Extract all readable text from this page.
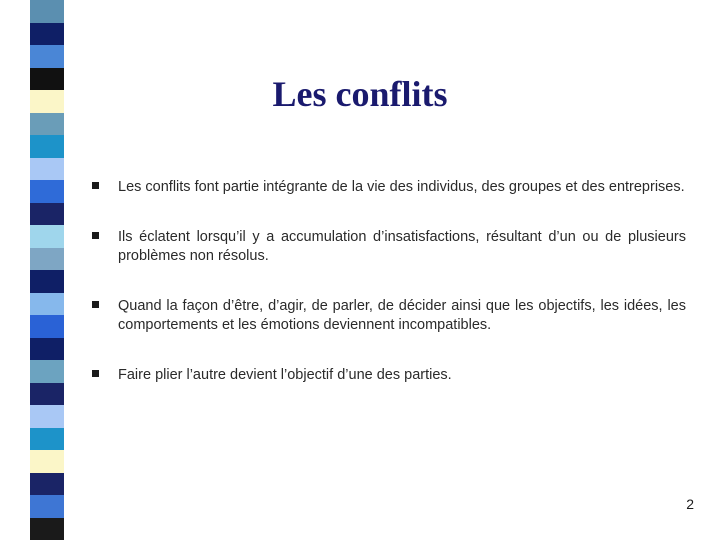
Les conflits
Les conflits font partie intégrante de la vie des individus, des groupes et des entreprises.
Ils éclatent lorsqu’il y a accumulation d’insatisfactions, résultant d’un ou de plusieurs problèmes non résolus.
Quand la façon d’être, d’agir, de parler, de décider ainsi que les objectifs, les idées, les comportements et les émotions deviennent incompatibles.
Faire plier l’autre devient l’objectif d’une des parties.
2
